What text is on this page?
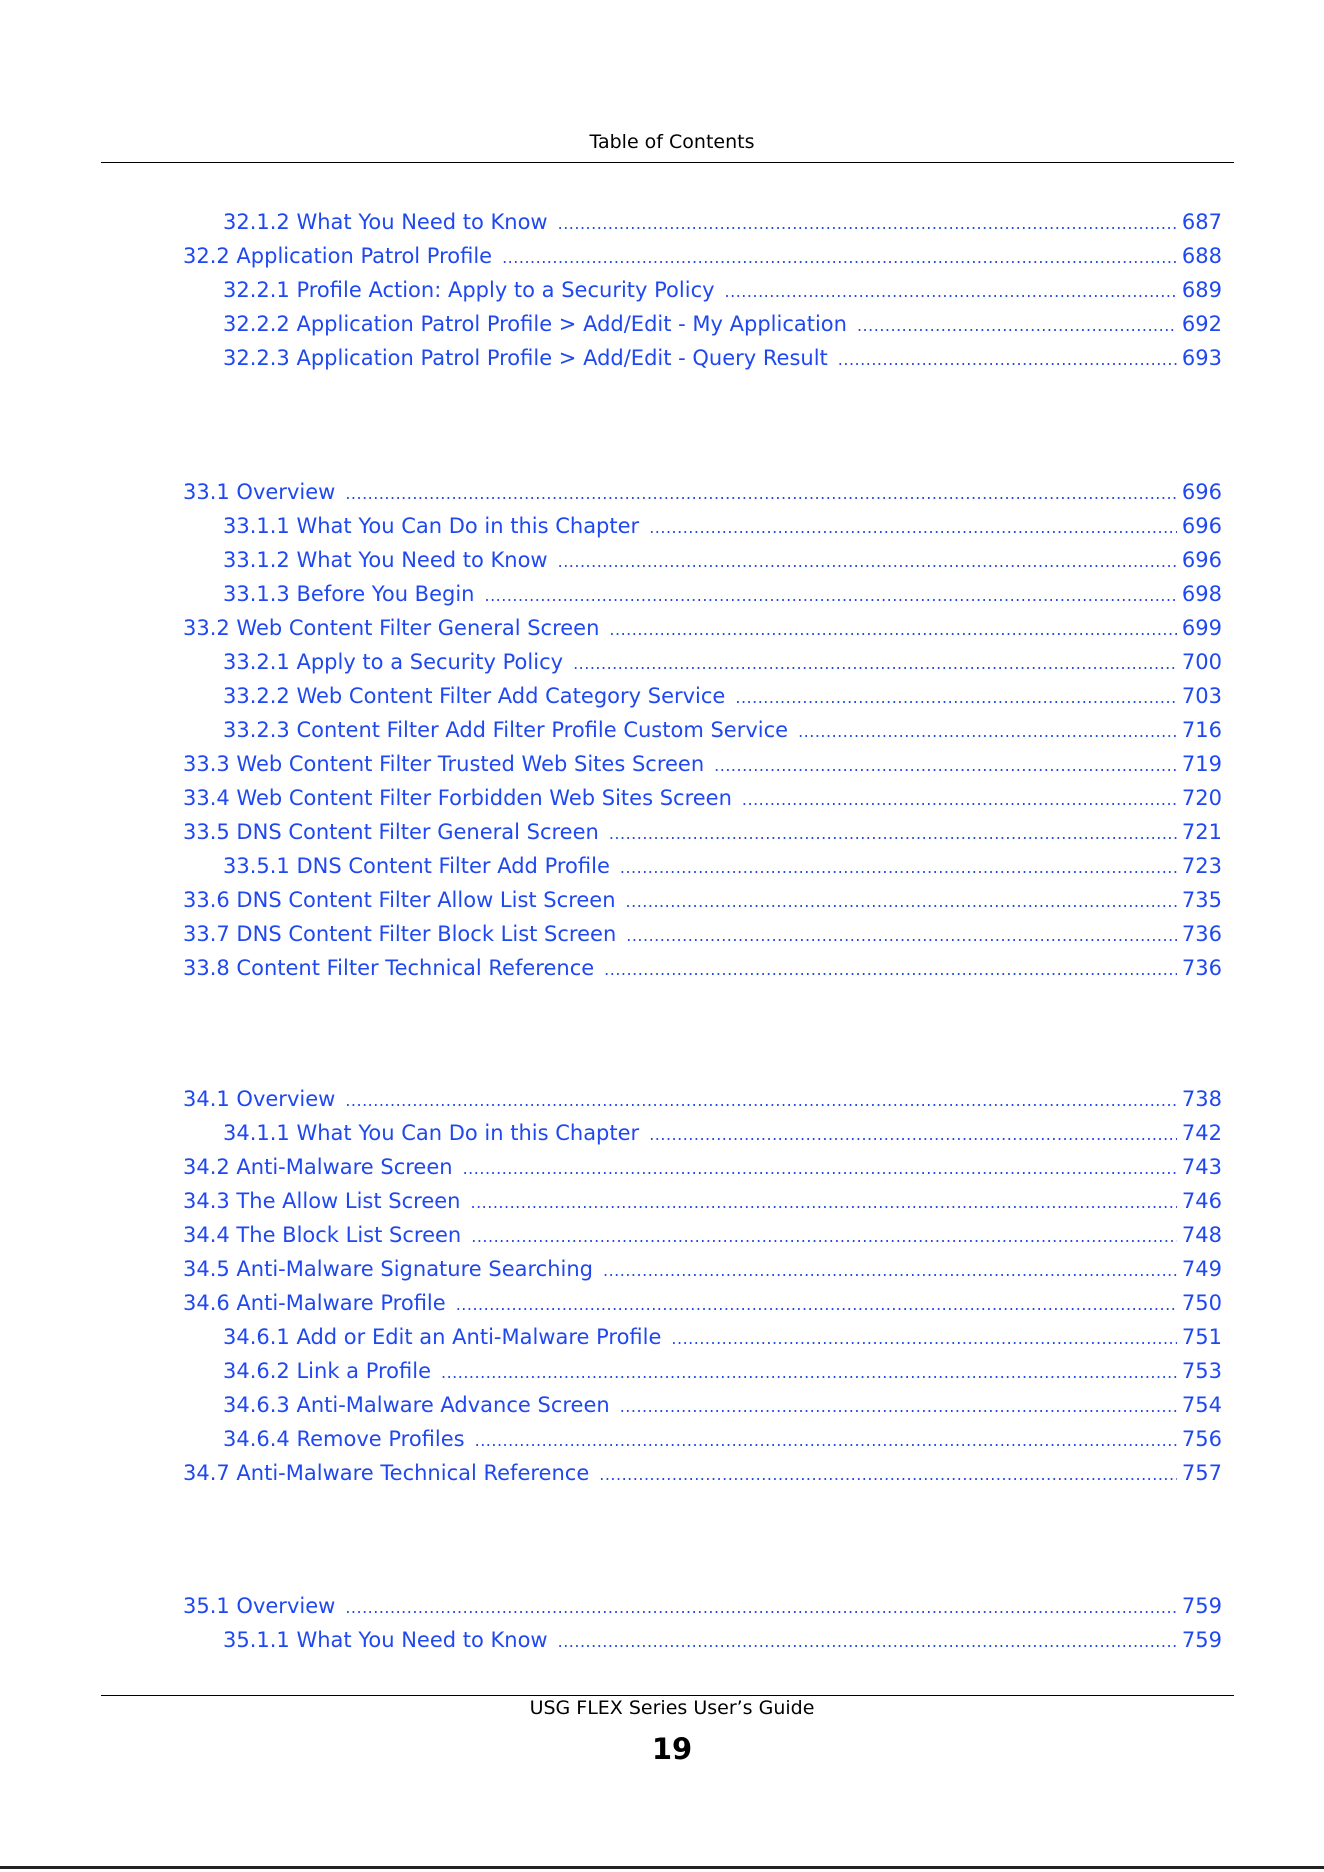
Table of Contents
32.1.2 What You Need to Know .....	687
32.2 Application Patrol Profile .....	688
32.2.1 Profile Action: Apply to a Security Policy .....	689
32.2.2 Application Patrol Profile > Add/Edit - My Application .....	692
32.2.3 Application Patrol Profile > Add/Edit - Query Result .....	693
33.1 Overview .....	696
33.1.1 What You Can Do in this Chapter .....	696
33.1.2 What You Need to Know .....	696
33.1.3 Before You Begin .....	698
33.2 Web Content Filter General Screen .....	699
33.2.1 Apply to a Security Policy .....	700
33.2.2 Web Content Filter Add Category Service .....	703
33.2.3 Content Filter Add Filter Profile Custom Service .....	716
33.3 Web Content Filter Trusted Web Sites Screen .....	719
33.4 Web Content Filter Forbidden Web Sites Screen .....	720
33.5 DNS Content Filter General Screen .....	721
33.5.1 DNS Content Filter Add Profile .....	723
33.6 DNS Content Filter Allow List Screen .....	735
33.7 DNS Content Filter Block List Screen .....	736
33.8 Content Filter Technical Reference .....	736
34.1 Overview .....	738
34.1.1 What You Can Do in this Chapter .....	742
34.2 Anti-Malware Screen .....	743
34.3 The Allow List Screen .....	746
34.4 The Block List Screen .....	748
34.5 Anti-Malware Signature Searching .....	749
34.6 Anti-Malware Profile .....	750
34.6.1 Add or Edit an Anti-Malware Profile .....	751
34.6.2 Link a Profile .....	753
34.6.3 Anti-Malware Advance Screen .....	754
34.6.4 Remove Profiles .....	756
34.7 Anti-Malware Technical Reference .....	757
35.1 Overview .....	759
35.1.1 What You Need to Know .....	759
USG FLEX Series User’s Guide
19
